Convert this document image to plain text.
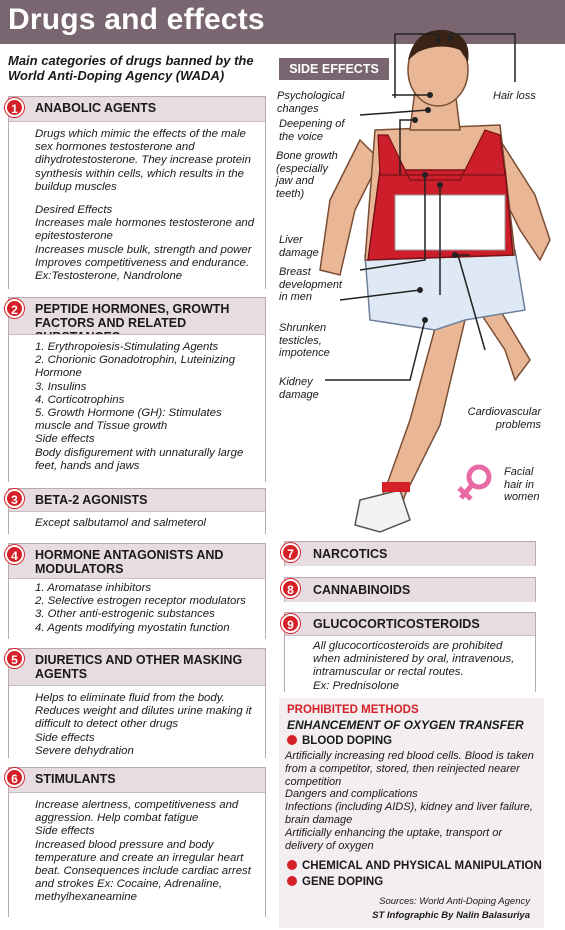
Drugs and effects
Main categories of drugs banned by the World Anti-Doping Agency (WADA)
ANABOLIC AGENTS
Drugs which mimic the effects of the male sex hormones testosterone and dihydrotestosterone. They increase protein synthesis within cells, which results in the buildup muscles
Desired Effects
Increases male hormones testosterone and epitestosterone
Increases muscle bulk, strength and power
Improves competitiveness and endurance.
Ex:Testosterone, Nandrolone
1
PEPTIDE HORMONES, GROWTH FACTORS AND RELATED
1. Erythropoiesis-Stimulating Agents
2. Chorionic Gonadotrophin, Luteinizing Hormone
3. Insulins
4. Corticotrophins
5. Growth Hormone (GH): Stimulates muscle and Tissue growth
Side effects
Body disfigurement with unnaturally large feet, hands and jaws
2
BETA-2 AGONISTS
Except salbutamol and salmeterol
3
HORMONE ANTAGONISTS AND MODULATORS
1. Aromatase inhibitors
2. Selective estrogen receptor modulators
3. Other anti-estrogenic substances
4. Agents modifying myostatin function
4
DIURETICS AND OTHER MASKING AGENTS
Helps to eliminate fluid from the body.
Reduces weight and dilutes urine making it difficult to detect other drugs
Side effects
Severe dehydration
5
STIMULANTS
Increase alertness, competitiveness and aggression. Help combat fatigue
Side effects
Increased blood pressure and body temperature and create an irregular heart beat. Consequences include cardiac arrest and strokes Ex: Cocaine, Adrenaline, methylhexaneamine
6
NARCOTICS
7
CANNABINOIDS
8
GLUCOCORTICOSTEROIDS
All glucocorticosteroids are prohibited when administered by oral, intravenous, intramuscular or rectal routes.
Ex: Prednisolone
9
SIDE EFFECTS
Psychological changes
Deepening of the voice
Bone growth (especially jaw and teeth)
Liver damage
Breast development in men
Shrunken testicles, impotence
Kidney damage
Hair loss
Cardiovascular problems
Facial hair in women
PROHIBITED METHODS
ENHANCEMENT OF OXYGEN TRANSFER
BLOOD DOPING
Artificially increasing red blood cells. Blood is taken from a competitor, stored, then reinjected nearer competition
Dangers and complications
Infections (including AIDS), kidney and liver failure, brain damage
Artificially enhancing the uptake, transport or delivery of oxygen
CHEMICAL AND PHYSICAL MANIPULATION
GENE DOPING
Sources: World Anti-Doping Agency
ST Infographic By Nalin Balasuriya
